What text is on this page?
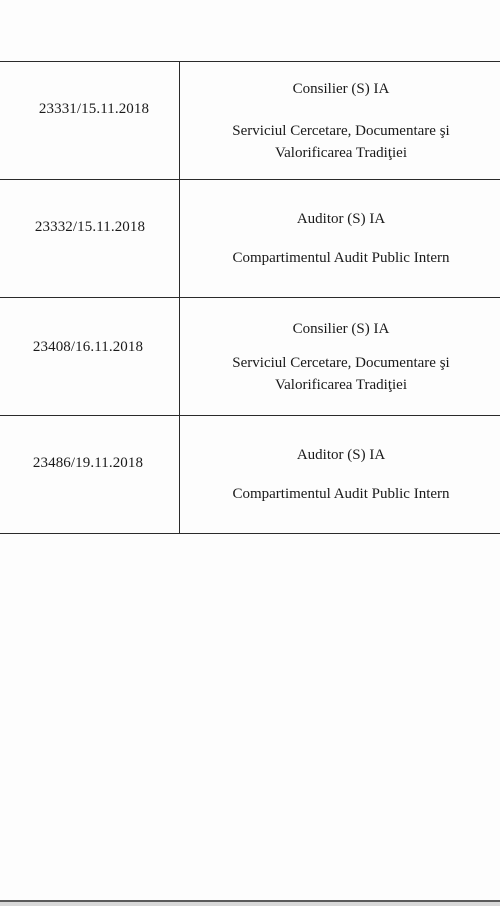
23331/15.11.2018	Consilier (S) IA
Serviciul Cercetare, Documentare şi
Valorificarea Tradiţiei

23332/15.11.2018	Auditor (S) IA
Compartimentul Audit Public Intern

23408/16.11.2018	Consilier (S) IA
Serviciul Cercetare, Documentare şi
Valorificarea Tradiţiei

23486/19.11.2018	Auditor (S) IA
Compartimentul Audit Public Intern
